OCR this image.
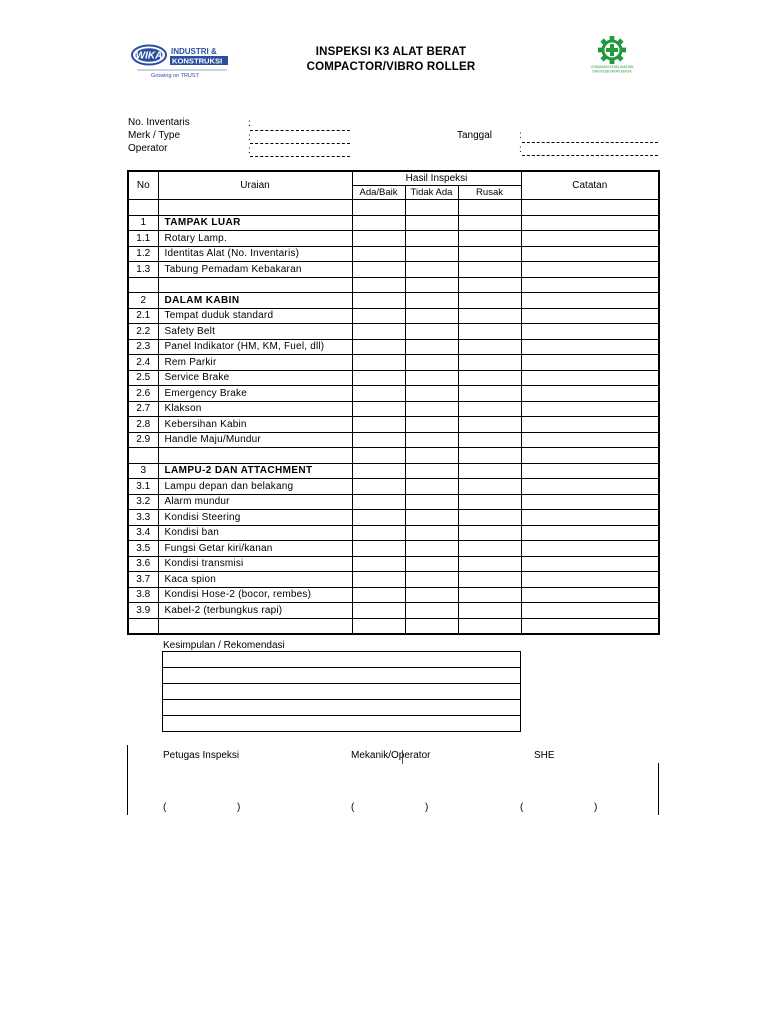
WIKA INDUSTRI &
KONSTRUKSI
Growing on TRUST
INSPEKSI K3 ALAT BERAT
COMPACTOR/VIBRO ROLLER	UTAMAKAN KESELAMATAN
DAN KESEHATAN KERJA
No. Inventaris
Merk / Type
Operator
:
:
:
Tanggal	:
:
No	Uraian	Hasil Inspeksi			Catatan
		Ada/Baik	Tidak Ada	Rusak	

1	TAMPAK LUAR				
1.1	Rotary Lamp.				
1.2	Identitas Alat (No. Inventaris)				
1.3	Tabung Pemadam Kebakaran				

2	DALAM KABIN				
2.1	Tempat duduk standard				
2.2	Safety Belt				
2.3	Panel Indikator (HM, KM, Fuel, dll)				
2.4	Rem Parkir				
2.5	Service Brake				
2.6	Emergency Brake				
2.7	Klakson				
2.8	Kebersihan Kabin				
2.9	Handle Maju/Mundur				

3	LAMPU-2 DAN ATTACHMENT				
3.1	Lampu depan dan belakang				
3.2	Alarm mundur				
3.3	Kondisi Steering				
3.4	Kondisi ban				
3.5	Fungsi Getar kiri/kanan				
3.6	Kondisi transmisi				
3.7	Kaca spion				
3.8	Kondisi Hose-2 (bocor, rembes)				
3.9	Kabel-2 (terbungkus rapi)				

Kesimpulan / Rekomendasi

Petugas Inspeksi	Mekanik/Operator	SHE
(	)	(	)	(	)
